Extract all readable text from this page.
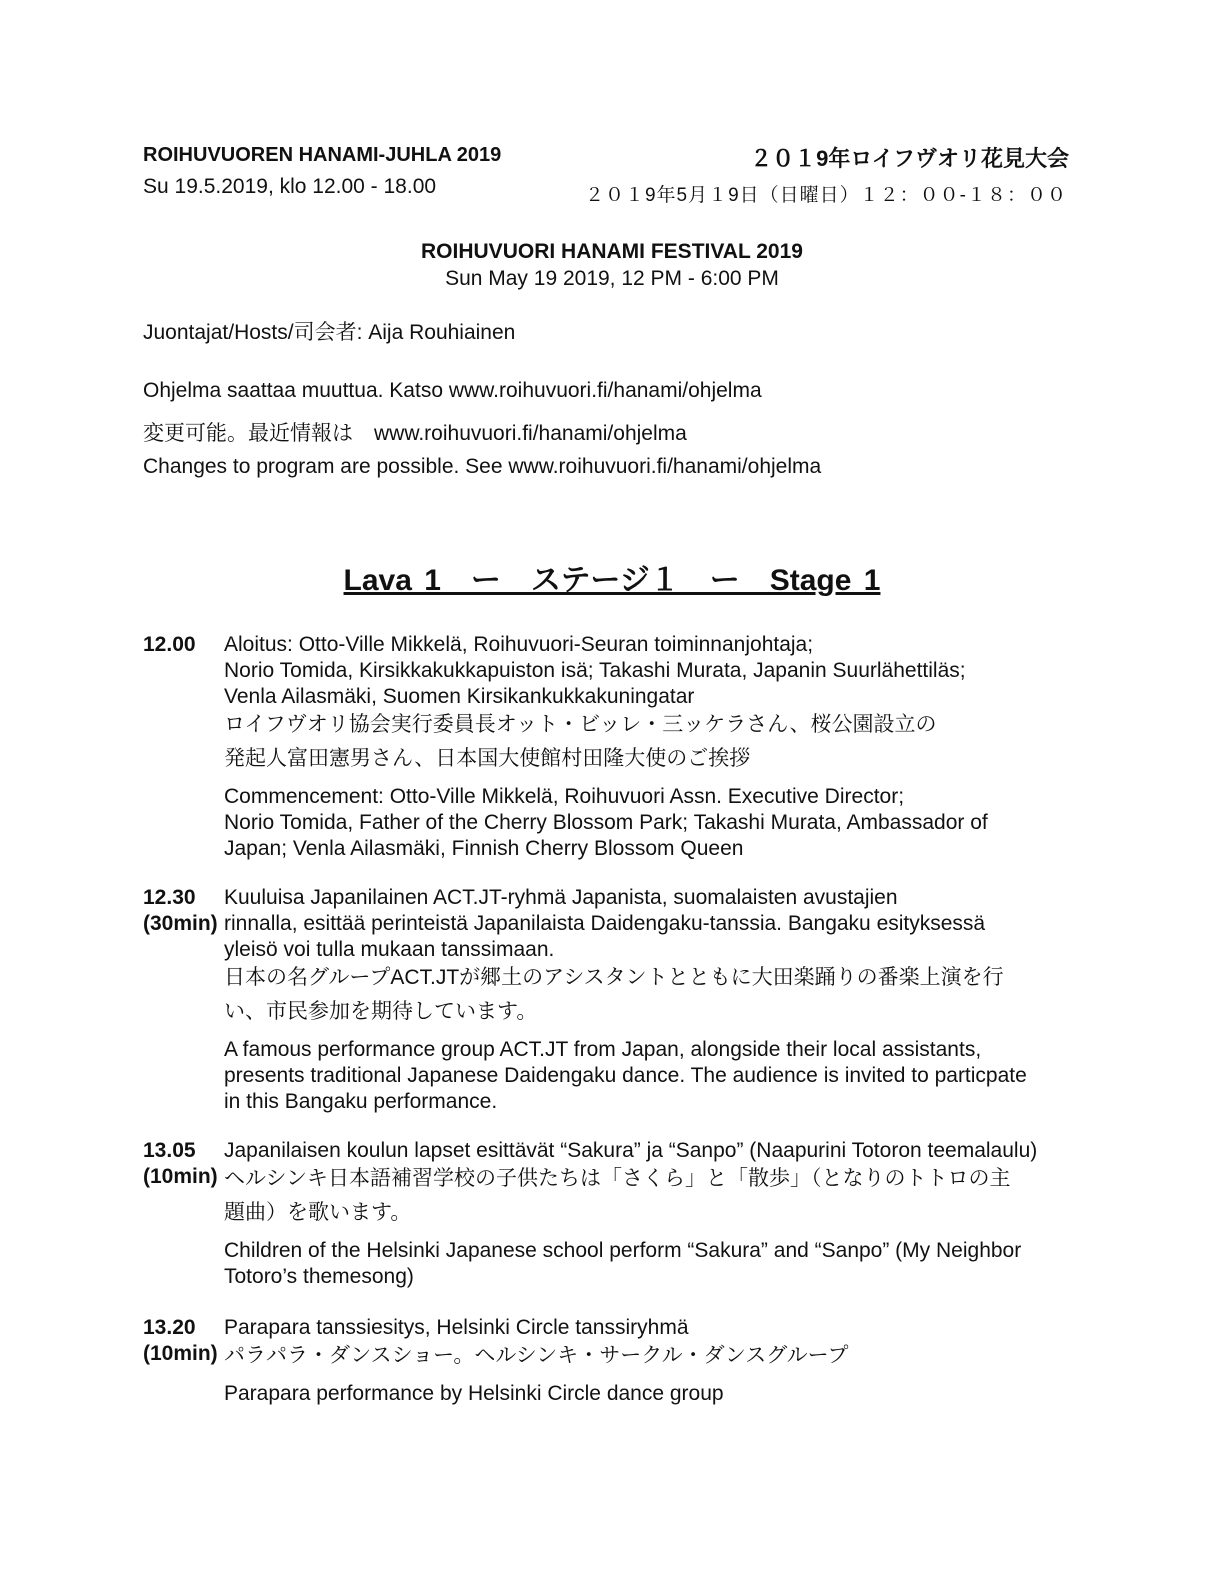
ROIHUVUOREN HANAMI-JUHLA 2019
Su 19.5.2019, klo 12.00 - 18.00
２０１9年ロイフヴオリ花見大会
２０１9年5月１9日（日曜日）１２：００-１８：００
ROIHUVUORI HANAMI FESTIVAL 2019
Sun May 19 2019, 12 PM - 6:00 PM
Juontajat/Hosts/司会者: Aija Rouhiainen
Ohjelma saattaa muuttua. Katso www.roihuvuori.fi/hanami/ohjelma
変更可能。最近情報は　www.roihuvuori.fi/hanami/ohjelma
Changes to program are possible. See www.roihuvuori.fi/hanami/ohjelma
Lava 1　ー　ステージ１　ー　Stage 1
12.00 Aloitus: Otto-Ville Mikkelä, Roihuvuori-Seuran toiminnanjohtaja;
Norio Tomida, Kirsikkakukkapuiston isä; Takashi Murata, Japanin Suurlähettiläs;
Venla Ailasmäki, Suomen Kirsikankukkakuningatar
ロイフヴオリ協会実行委員長オット・ビッレ・三ッケラさん、桜公園設立の
発起人富田憲男さん、日本国大使館村田隆大使のご挨拶
Commencement: Otto-Ville Mikkelä, Roihuvuori Assn. Executive Director;
Norio Tomida, Father of the Cherry Blossom Park; Takashi Murata, Ambassador of
Japan; Venla Ailasmäki, Finnish Cherry Blossom Queen
12.30
(30min)
Kuuluisa Japanilainen ACT.JT-ryhmä Japanista, suomalaisten avustajien
rinnalla, esittää perinteistä Japanilaista Daidengaku-tanssia. Bangaku esityksessä
yleisö voi tulla mukaan tanssimaan.
日本の名グループACT.JTが郷土のアシスタントとともに大田楽踊りの番楽上演を行
い、市民参加を期待しています。
A famous performance group ACT.JT from Japan, alongside their local assistants,
presents traditional Japanese Daidengaku dance. The audience is invited to particpate
in this Bangaku performance.
13.05
(10min)
Japanilaisen koulun lapset esittävät “Sakura” ja “Sanpo” (Naapurini Totoron teemalaulu)
ヘルシンキ日本語補習学校の子供たちは「さくら」と「散歩」（となりのトトロの主
題曲）を歌います。
Children of the Helsinki Japanese school perform “Sakura” and “Sanpo” (My Neighbor
Totoro’s themesong)
13.20
(10min)
Parapara tanssiesitys, Helsinki Circle tanssiryhmä
パラパラ・ダンスショー。ヘルシンキ・サークル・ダンスグループ
Parapara performance by Helsinki Circle dance group
